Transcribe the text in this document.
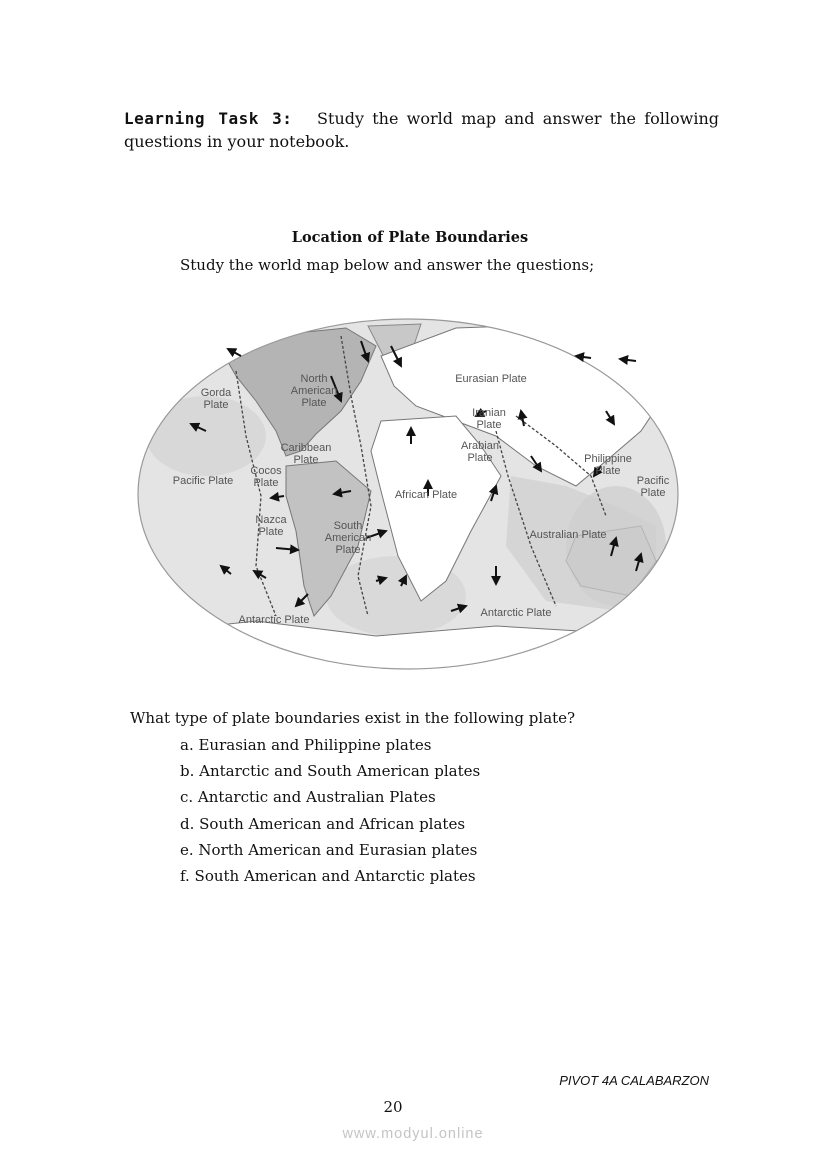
Learning Task 3: Study the world map and answer the following questions in your notebook.

Location of Plate Boundaries

Study the world map below and answer the questions;

Gorda Plate
North American Plate
Caribbean Plate
Cocos Plate
Pacific Plate
Nazca Plate	South American Plate
Antarctic Plate
Eurasian Plate
Iranian Plate
Arabian Plate
African Plate
Philippine Plate
Pacific Plate
Australian Plate
Antarctic Plate

What type of plate boundaries exist in the following plate?

a. Eurasian and Philippine plates
b. Antarctic and South American plates
c. Antarctic and Australian Plates
d. South American and African plates
e. North American and Eurasian plates
f. South American and Antarctic plates

PIVOT 4A CALABARZON

20

www.modyul.online
